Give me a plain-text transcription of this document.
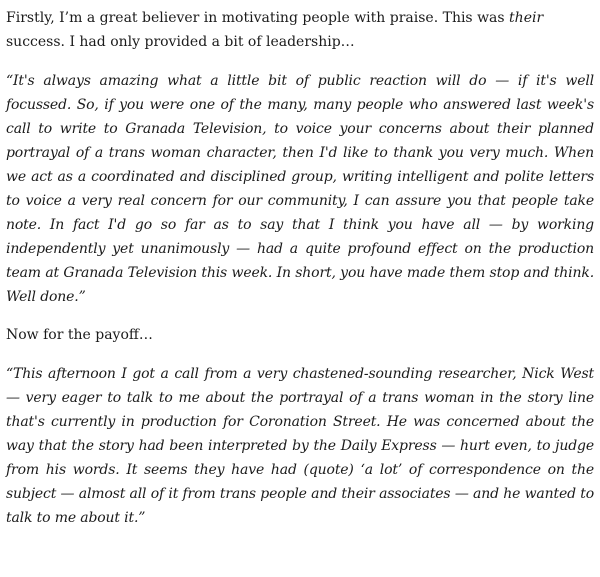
Firstly, I’m a great believer in motivating people with praise. This was their success. I had only provided a bit of leadership…

“It's always amazing what a little bit of public reaction will do — if it's well focussed. So, if you were one of the many, many people who answered last week's call to write to Granada Television, to voice your concerns about their planned portrayal of a trans woman character, then I'd like to thank you very much. When we act as a coordinated and disciplined group, writing intelligent and polite letters to voice a very real concern for our community, I can assure you that people take note. In fact I'd go so far as to say that I think you have all — by working independently yet unanimously — had a quite profound effect on the production team at Granada Television this week. In short, you have made them stop and think. Well done.”

Now for the payoff…

“This afternoon I got a call from a very chastened-sounding researcher, Nick West — very eager to talk to me about the portrayal of a trans woman in the story line that's currently in production for Coronation Street. He was concerned about the way that the story had been interpreted by the Daily Express — hurt even, to judge from his words. It seems they have had (quote) ‘a lot’ of correspondence on the subject — almost all of it from trans people and their associates — and he wanted to talk to me about it.”
